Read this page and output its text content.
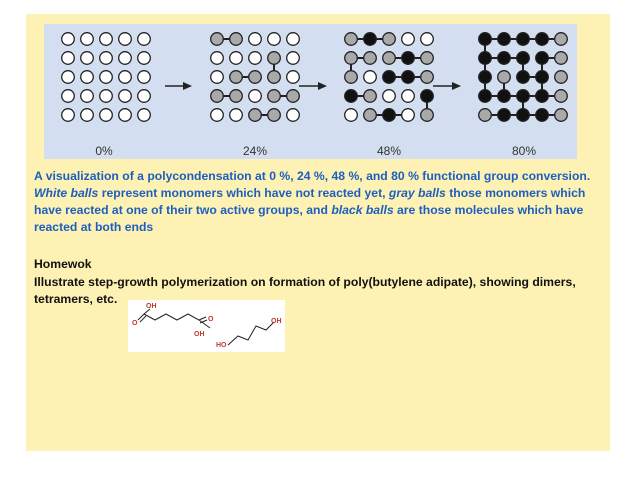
0%	24%	48%	80%
A visualization of a polycondensation at 0 %, 24 %, 48 %, and 80 % functional group conversion. White balls represent monomers which have not reacted yet, gray balls those monomers which have reacted at one of their two active groups, and black balls are those molecules which have reacted at both ends
Homewok
Illustrate step-growth polymerization on formation of poly(butylene adipate), showing dimers, tetramers, etc.
OH
O
O
OH
OH
HO
